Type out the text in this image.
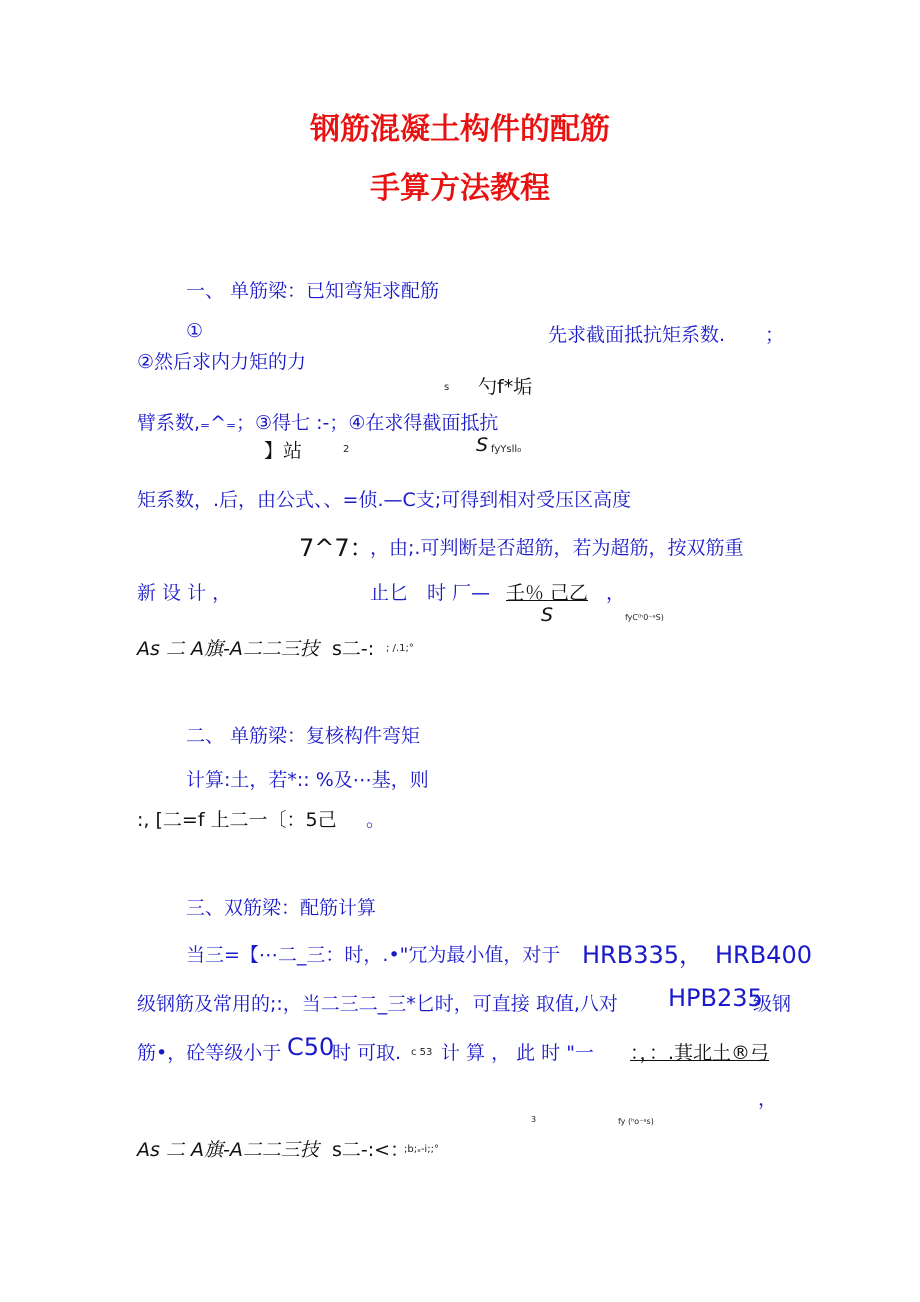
钢筋混凝土构件的配筋
手算方法教程
一、 单筋梁：已知弯矩求配筋
①	先求截面抵抗矩系数. ；
②然后求内力矩的力
s 勺f*垢
臂系数,₌^₌；③得七 :-；④在求得截面抵抗
】站	2	S fyYsll₀
矩系数，.后，由公式、、=侦.—C支;可得到相对受压区高度
7^7：
，由;.可判断是否超筋，若为超筋，按双筋重
新 设 计 ，	止匕　时 厂— 壬％ 己乙 ，
S	fyC⁽ʰ0⁻ᵃS)
As 二 A旗-A二二三技 s二-: ; /.1;°
二、 单筋梁：复核构件弯矩
计算:土，若*:: %及⋯基，则
:, [二=f 上二一〔：5己 。
三、双筋梁：配筋计算
当三=【⋯二_三：时，.•"冗为最小值，对于 HRB335，　HRB400
级钢筋及常用的;:，当二三二_三*匕时，可直接 取值,八对 HPB235
级钢
筋•，砼等级小于 C50
时 可取. c 53 计 算 ， 此 时 "一 ：，：.萁北土®弓
，
3	fy (ʰo⁻ᵃs)
As 二 A旗-A二二三技 s二-:<：
;b;ₛ-i;;°
